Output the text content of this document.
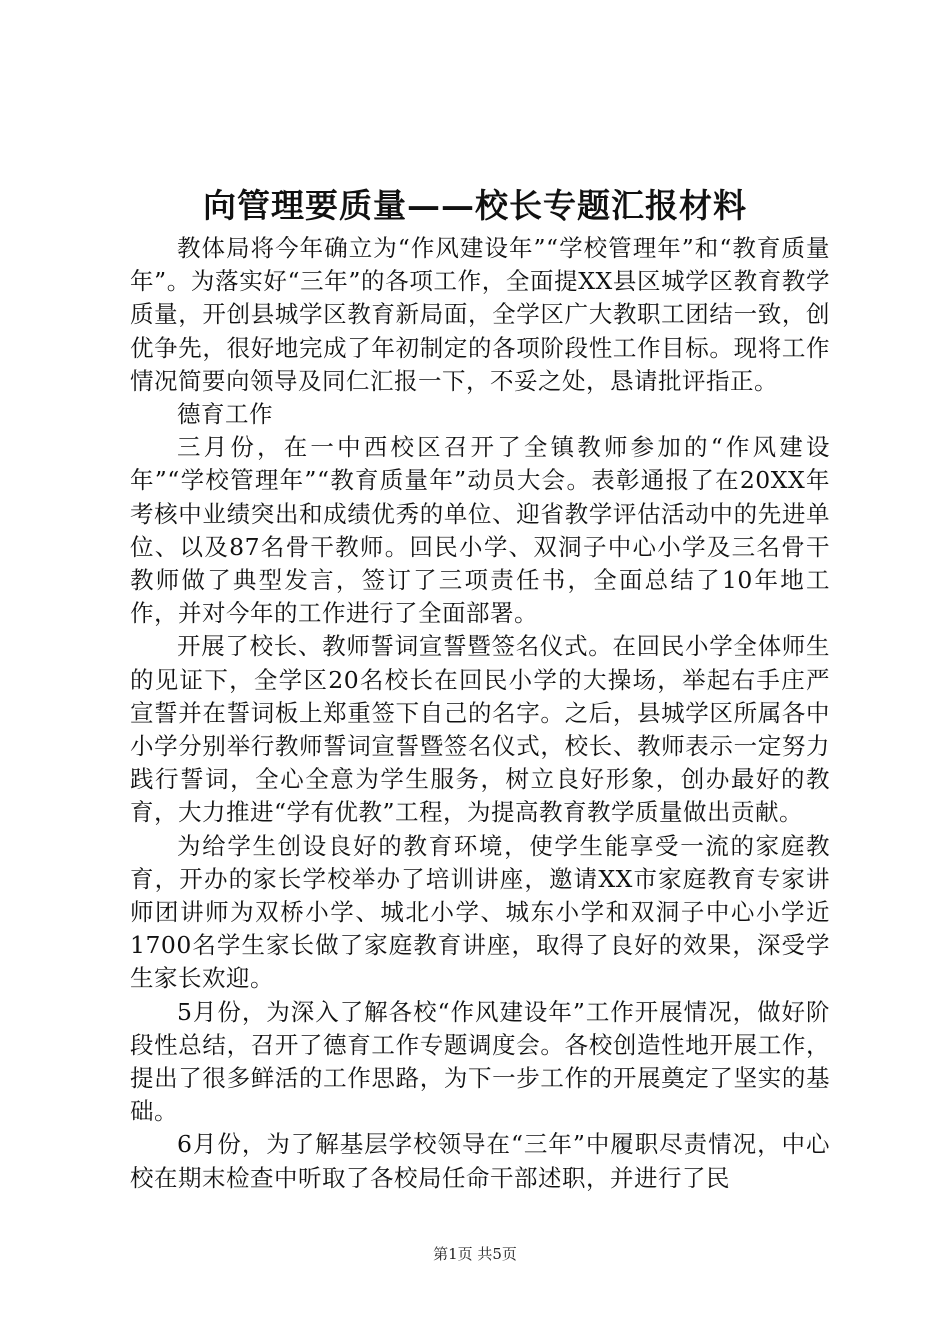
向管理要质量——校长专题汇报材料

教体局将今年确立为“作风建设年”“学校管理年”和“教育质量年”。为落实好“三年”的各项工作，全面提XX县区城学区教育教学质量，开创县城学区教育新局面，全学区广大教职工团结一致，创优争先，很好地完成了年初制定的各项阶段性工作目标。现将工作情况简要向领导及同仁汇报一下，不妥之处，恳请批评指正。

德育工作

三月份，在一中西校区召开了全镇教师参加的“作风建设年”“学校管理年”“教育质量年”动员大会。表彰通报了在20XX年考核中业绩突出和成绩优秀的单位、迎省教学评估活动中的先进单位、以及87名骨干教师。回民小学、双洞子中心小学及三名骨干教师做了典型发言，签订了三项责任书，全面总结了10年地工作，并对今年的工作进行了全面部署。

开展了校长、教师誓词宣誓暨签名仪式。在回民小学全体师生的见证下，全学区20名校长在回民小学的大操场，举起右手庄严宣誓并在誓词板上郑重签下自己的名字。之后，县城学区所属各中小学分别举行教师誓词宣誓暨签名仪式，校长、教师表示一定努力践行誓词，全心全意为学生服务，树立良好形象，创办最好的教育，大力推进“学有优教”工程，为提高教育教学质量做出贡献。

为给学生创设良好的教育环境，使学生能享受一流的家庭教育，开办的家长学校举办了培训讲座，邀请XX市家庭教育专家讲师团讲师为双桥小学、城北小学、城东小学和双洞子中心小学近1700名学生家长做了家庭教育讲座，取得了良好的效果，深受学生家长欢迎。

5月份，为深入了解各校“作风建设年”工作开展情况，做好阶段性总结，召开了德育工作专题调度会。各校创造性地开展工作，提出了很多鲜活的工作思路，为下一步工作的开展奠定了坚实的基础。

6月份，为了解基层学校领导在“三年”中履职尽责情况，中心校在期末检查中听取了各校局任命干部述职，并进行了民

第1页 共5页
